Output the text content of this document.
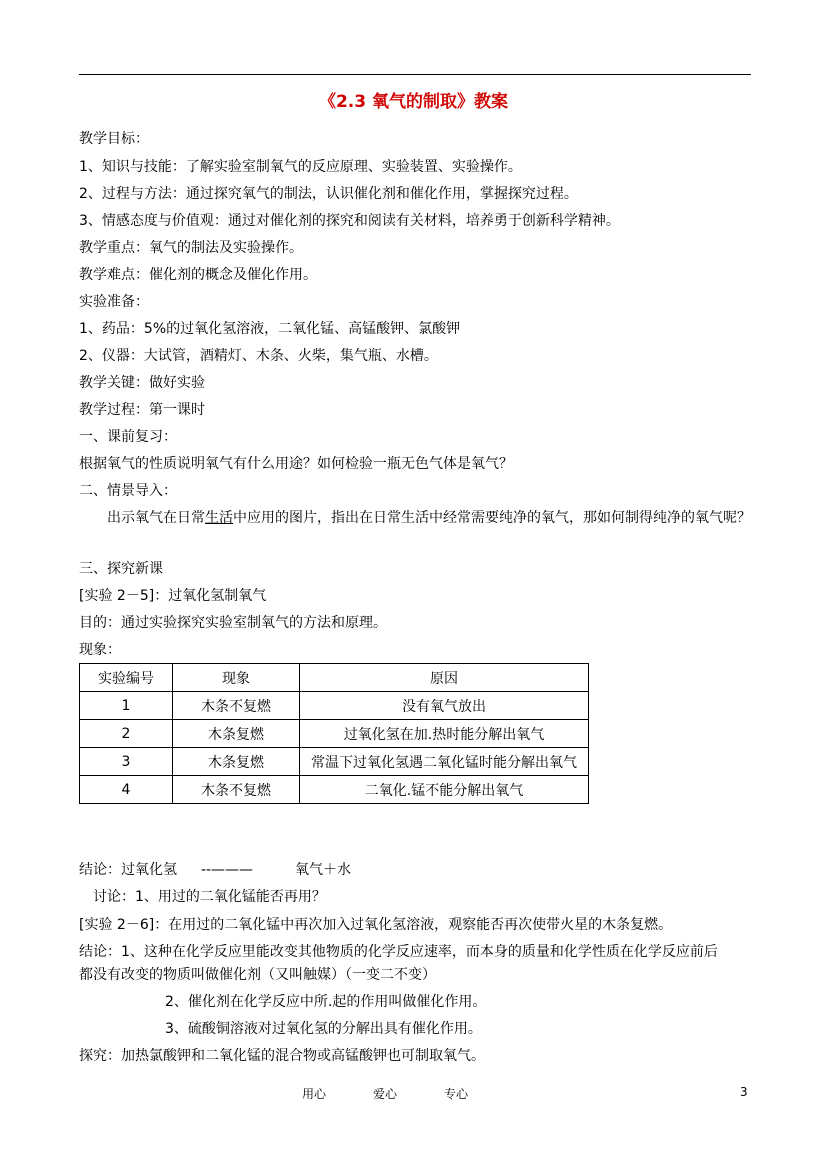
《2.3 氧气的制取》教案
教学目标：
1、知识与技能：了解实验室制氧气的反应原理、实验装置、实验操作。
2、过程与方法：通过探究氧气的制法，认识催化剂和催化作用，掌握探究过程。
3、情感态度与价值观：通过对催化剂的探究和阅读有关材料，培养勇于创新科学精神。
教学重点：氧气的制法及实验操作。
教学难点：催化剂的概念及催化作用。
实验准备：
1、药品：5%的过氧化氢溶液，二氧化锰、高锰酸钾、氯酸钾
2、仪器：大试管，酒精灯、木条、火柴，集气瓶、水槽。
教学关键：做好实验
教学过程：第一课时
一、课前复习：
根据氧气的性质说明氧气有什么用途？如何检验一瓶无色气体是氧气？
二、情景导入：
出示氧气在日常生活中应用的图片，指出在日常生活中经常需要纯净的氧气，那如何制得纯净的氧气呢？
三、探究新课
[实验 2－5]：过氧化氢制氧气
目的：通过实验探究实验室制氧气的方法和原理。
现象：
实验编号	现象	原因
1	木条不复燃	没有氧气放出
2	木条复燃	过氧化氢在加.热时能分解出氧气
3	木条复燃	常温下过氧化氢遇二氧化锰时能分解出氧气
4	木条不复燃	二氧化.锰不能分解出氧气
结论：过氧化氢 --———	氧气＋水
讨论：1、用过的二氧化锰能否再用？
[实验 2－6]：在用过的二氧化锰中再次加入过氧化氢溶液，观察能否再次使带火星的木条复燃。
结论：1、这种在化学反应里能改变其他物质的化学反应速率，而本身的质量和化学性质在化学反应前后
都没有改变的物质叫做催化剂（又叫触媒）（一变二不变）
2、催化剂在化学反应中所.起的作用叫做催化作用。
3、硫酸铜溶液对过氧化氢的分解出具有催化作用。
探究：加热氯酸钾和二氧化锰的混合物或高锰酸钾也可制取氧气。
用心	爱心	专心	3
